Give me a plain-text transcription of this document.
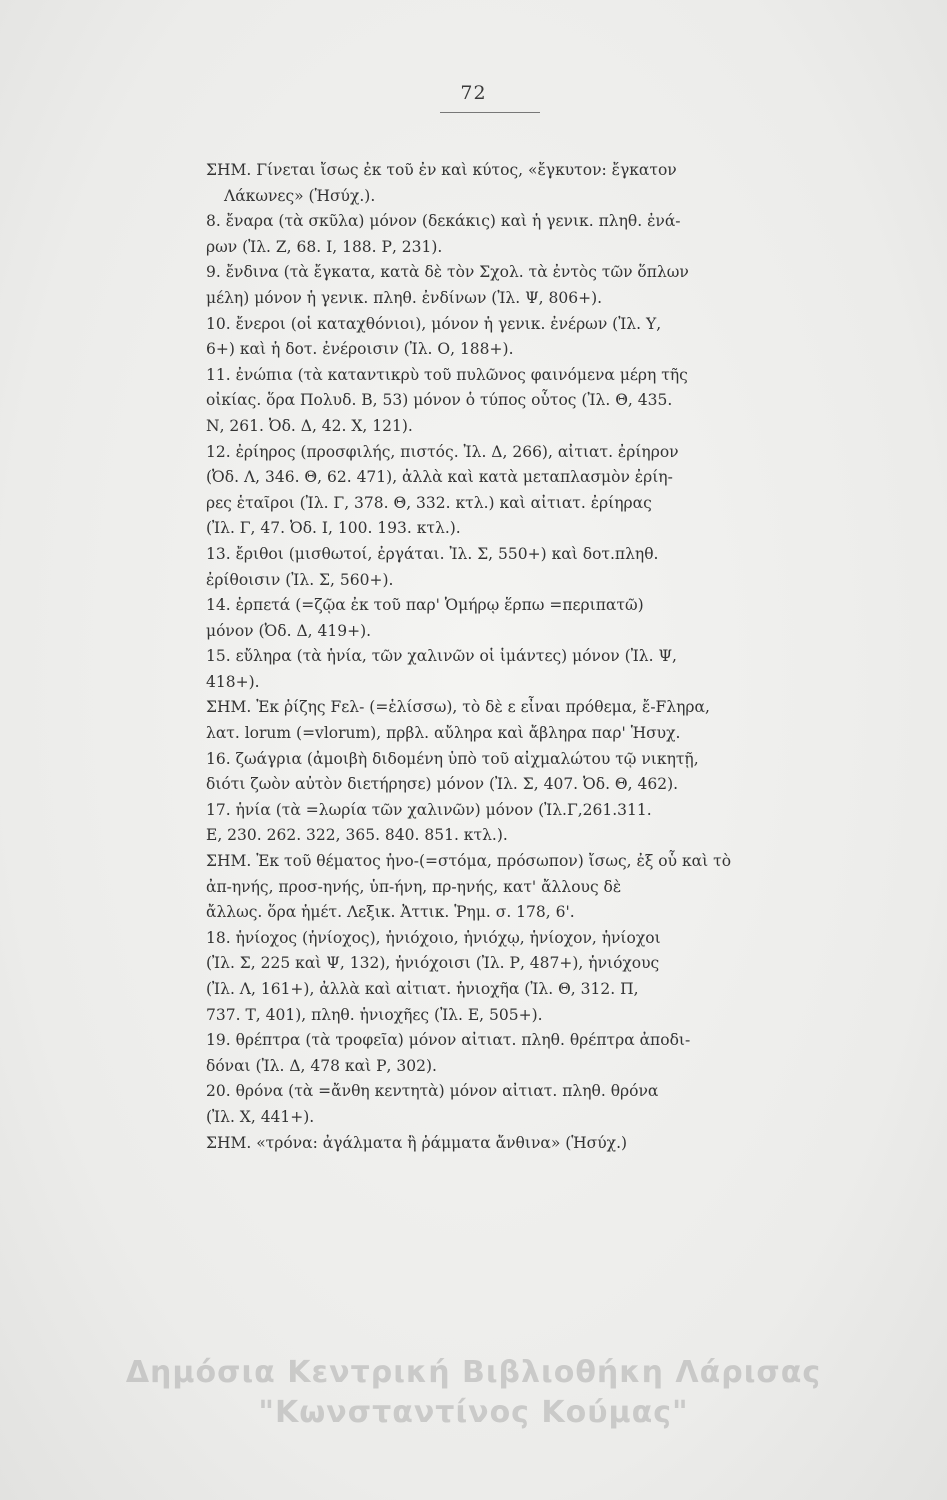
72
ΣΗΜ. Γίνεται ἴσως ἐκ τοῦ ἐν καὶ κύτος, «ἔγκυτον: ἔγκατον
Λάκωνες» (Ἡσύχ.).
8. ἔναρα (τὰ σκῦλα) μόνον (δεκάκις) καὶ ἡ γενικ. πληθ. ἐνά-
ρων (Ἰλ. Ζ, 68. Ι, 188. Ρ, 231).
9. ἔνδινα (τὰ ἔγκατα, κατὰ δὲ τὸν Σχολ. τὰ ἐντὸς τῶν ὅπλων
μέλη) μόνον ἡ γενικ. πληθ. ἐνδίνων (Ἰλ. Ψ, 806+).
10. ἔνεροι (οἱ καταχθόνιοι), μόνον ἡ γενικ. ἐνέρων (Ἰλ. Υ,
6+) καὶ ἡ δοτ. ἐνέροισιν (Ἰλ. Ο, 188+).
11. ἐνώπια (τὰ καταντικρὺ τοῦ πυλῶνος φαινόμενα μέρη τῆς
οἰκίας. ὅρα Πολυδ. Β, 53) μόνον ὁ τύπος οὗτος (Ἰλ. Θ, 435.
Ν, 261. Ὀδ. Δ, 42. Χ, 121).
12. ἐρίηρος (προσφιλής, πιστός. Ἰλ. Δ, 266), αἰτιατ. ἐρίηρον
(Ὀδ. Λ, 346. Θ, 62. 471), ἀλλὰ καὶ κατὰ μεταπλασμὸν ἐρίη-
ρες ἑταῖροι (Ἰλ. Γ, 378. Θ, 332. κτλ.) καὶ αἰτιατ. ἐρίηρας
(Ἰλ. Γ, 47. Ὀδ. Ι, 100. 193. κτλ.).
13. ἔριθοι (μισθωτοί, ἐργάται. Ἰλ. Σ, 550+) καὶ δοτ.πληθ.
ἐρίθοισιν (Ἰλ. Σ, 560+).
14. ἑρπετά (=ζῷα ἐκ τοῦ παρ' Ὁμήρῳ ἕρπω =περιπατῶ)
μόνον (Ὀδ. Δ, 419+).
15. εὔληρα (τὰ ἡνία, τῶν χαλινῶν οἱ ἱμάντες) μόνον (Ἰλ. Ψ,
418+).
ΣΗΜ. Ἐκ ῥίζης Fελ- (=ἑλίσσω), τὸ δὲ ε εἶναι πρόθεμα, ἔ-Fληρα,
λατ. lorum (=vlorum), πρβλ. αὔληρα καὶ ἄβληρα παρ' Ἡσυχ.
16. ζωάγρια (ἀμοιβὴ διδομένη ὑπὸ τοῦ αἰχμαλώτου τῷ νικητῇ,
διότι ζωὸν αὐτὸν διετήρησε) μόνον (Ἰλ. Σ, 407. Ὀδ. Θ, 462).
17. ἡνία (τὰ =λωρία τῶν χαλινῶν) μόνον (Ἰλ.Γ,261.311.
Ε, 230. 262. 322, 365. 840. 851. κτλ.).
ΣΗΜ. Ἐκ τοῦ θέματος ἡνο-(=στόμα, πρόσωπον) ἴσως, ἐξ οὗ καὶ τὸ
ἀπ-ηνής, προσ-ηνής, ὑπ-ήνη, πρ-ηνής, κατ' ἄλλους δὲ
ἄλλως. ὅρα ἡμέτ. Λεξικ. Ἀττικ. Ῥημ. σ. 178, 6'.
18. ἡνίοχος (ἡνίοχος), ἡνιόχοιο, ἡνιόχῳ, ἡνίοχον, ἡνίοχοι
(Ἰλ. Σ, 225 καὶ Ψ, 132), ἡνιόχοισι (Ἰλ. Ρ, 487+), ἡνιόχους
(Ἰλ. Λ, 161+), ἀλλὰ καὶ αἰτιατ. ἡνιοχῆα (Ἰλ. Θ, 312. Π,
737. Τ, 401), πληθ. ἡνιοχῆες (Ἰλ. Ε, 505+).
19. θρέπτρα (τὰ τροφεῖα) μόνον αἰτιατ. πληθ. θρέπτρα ἀποδι-
δόναι (Ἰλ. Δ, 478 καὶ Ρ, 302).
20. θρόνα (τὰ =ἄνθη κεντητὰ) μόνον αἰτιατ. πληθ. θρόνα
(Ἰλ. Χ, 441+).
ΣΗΜ. «τρόνα: ἀγάλματα ἢ ῥάμματα ἄνθινα» (Ἡσύχ.)
Δημόσια Κεντρική Βιβλιοθήκη Λάρισας
"Κωνσταντίνος Κούμας"
